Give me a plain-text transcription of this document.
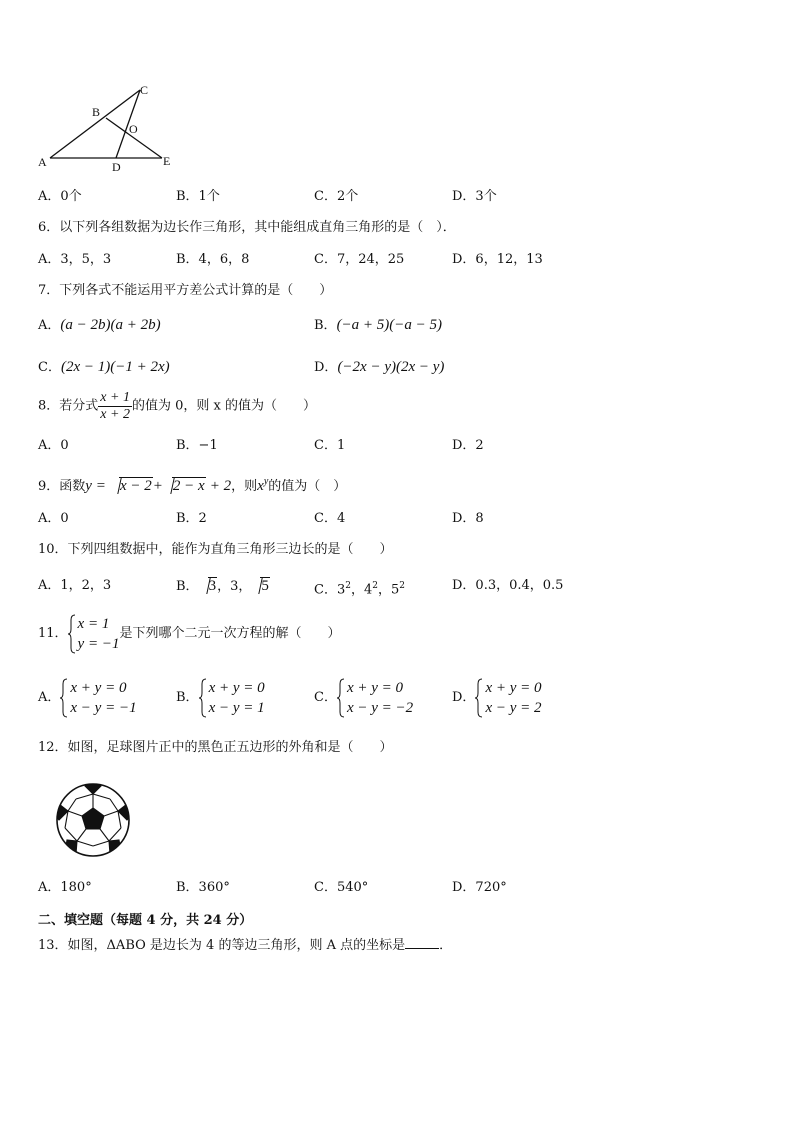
A
B
C
O
D	E
A．0个	B．1个	C．2个	D．3个
6．以下列各组数据为边长作三角形，其中能组成直角三角形的是（　）．
A．3，5，3	B．4，6，8	C．7，24，25	D．6，12，13
7．下列各式不能运用平方差公式计算的是（　　）
A．(a − 2b)(a + 2b)	B．(−a + 5)(−a − 5)
C．(2x − 1)(−1 + 2x)	D．(−2x − y)(2x − y)
8．若分式 $\frac{x + 1}{x + 2}$ 的值为 0，则 x 的值为（　　）
A．0	B．−1	C．1	D．2
9．函数y = x − 2+ 2 − x + 2，则$x^y$的值为（　）
A．0	B．2	C．4	D．8
10．下列四组数据中，能作为直角三角形三边长的是（　　）
A．1，2，3	B． 3，3， 5	C．$3^2$，$4^2$，$5^2$	D．0.3，0.4，0.5
11．
x = 1
y = −1
是下列哪个二元一次方程的解（　　）
A．
x + y = 0
x − y = −1
B．
x + y = 0
x − y = 1
C．
x + y = 0
x − y = −2
D．
x + y = 0
x − y = 2
12．如图，足球图片正中的黑色正五边形的外角和是（　　）
A．180°	B．360°	C．540°	D．720°
二、填空题（每题 4 分，共 24 分）
13．如图，ΔABO 是边长为 4 的等边三角形，则 A 点的坐标是	．
